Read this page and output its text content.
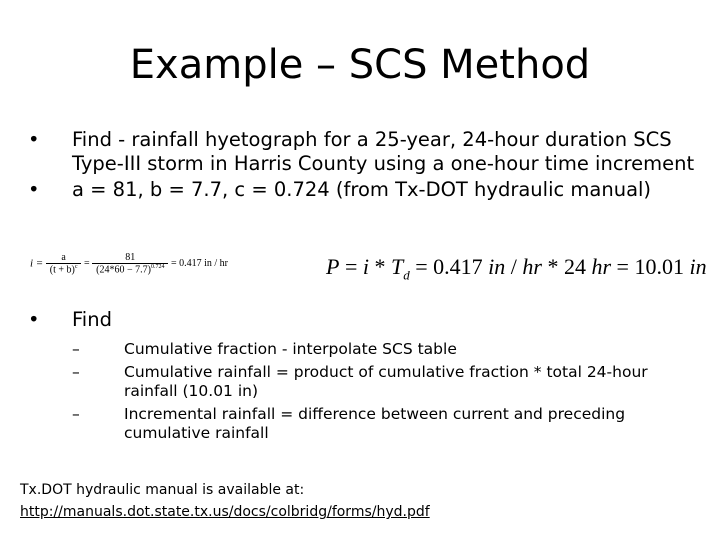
Example – SCS Method
• Find - rainfall hyetograph for a 25-year, 24-hour duration SCS Type-III storm in Harris County using a one-hour time increment
• a = 81, b = 7.7, c = 0.724 (from Tx-DOT hydraulic manual)
$i = \frac{a}{(t + b)^c} = \frac{81}{(24*60 - 7.7)^{0.724}} = 0.417$ in / hr	$P = i * T_d = 0.417$ in / hr * 24 hr = 10.01 in
• Find
–	Cumulative fraction - interpolate SCS table
–	Cumulative rainfall = product of cumulative fraction * total 24-hour rainfall (10.01 in)
–	Incremental rainfall = difference between current and preceding cumulative rainfall
Tx.DOT hydraulic manual is available at:
http://manuals.dot.state.tx.us/docs/colbridg/forms/hyd.pdf
